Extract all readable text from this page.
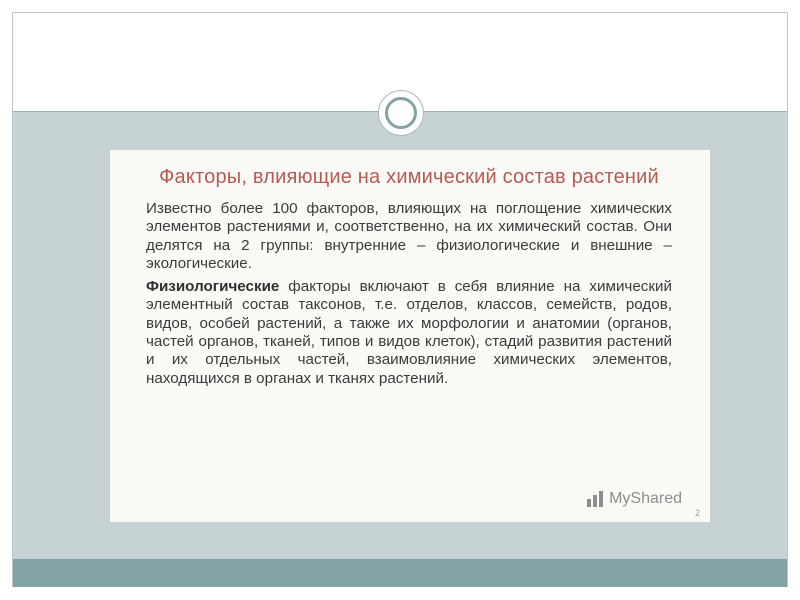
Факторы, влияющие на химический состав растений

Известно более 100 факторов, влияющих на поглощение химических элементов растениями и, соответственно, на их химический состав. Они делятся на 2 группы: внутренние – физиологические и внешние – экологические.

Физиологические факторы включают в себя влияние на химический элементный состав таксонов, т.е. отделов, классов, семейств, родов, видов, особей растений, а также их морфологии и анатомии (органов, частей органов, тканей, типов и видов клеток), стадий развития растений и их отдельных частей, взаимовлияние химических элементов, находящихся в органах и тканях растений.

MyShared
2
